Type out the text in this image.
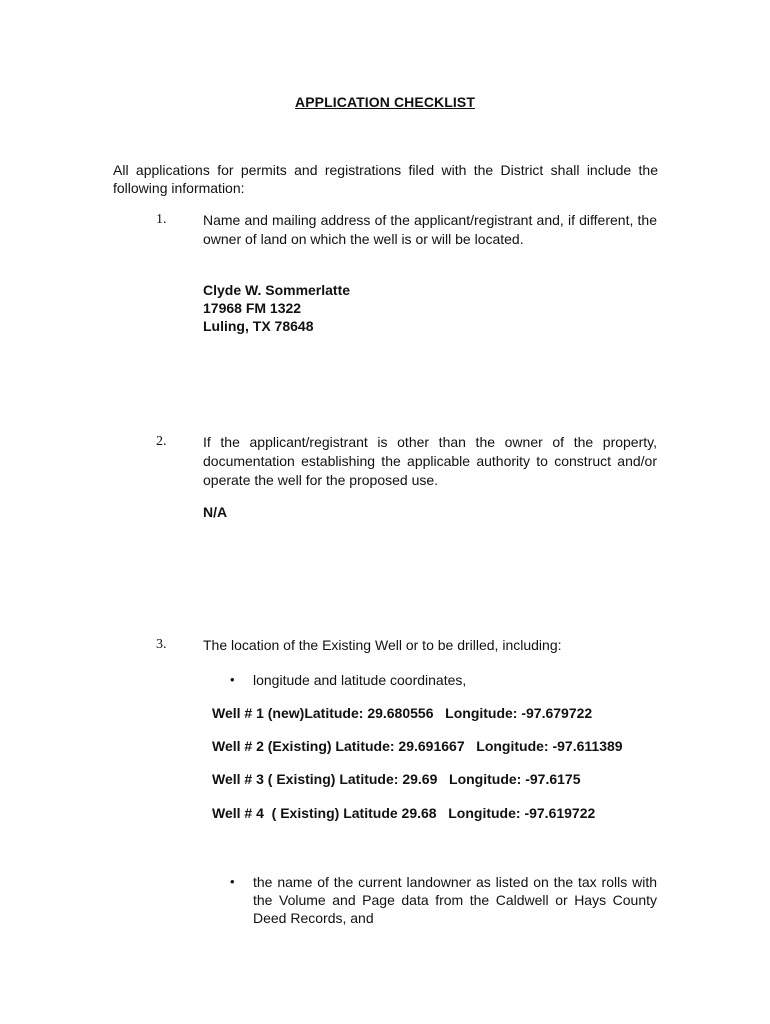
APPLICATION CHECKLIST
All applications for permits and registrations filed with the District shall include the following information:
1.	Name and mailing address of the applicant/registrant and, if different, the owner of land on which the well is or will be located.
Clyde W. Sommerlatte
17968 FM 1322
Luling, TX 78648
2.	If the applicant/registrant is other than the owner of the property, documentation establishing the applicable authority to construct and/or operate the well for the proposed use.
N/A
3.	The location of the Existing Well or to be drilled, including:
• longitude and latitude coordinates,
Well # 1 (new)Latitude: 29.680556   Longitude: -97.679722
Well # 2 (Existing) Latitude: 29.691667   Longitude: -97.611389
Well # 3 ( Existing) Latitude: 29.69   Longitude: -97.6175
Well # 4  ( Existing) Latitude 29.68   Longitude: -97.619722
• the name of the current landowner as listed on the tax rolls with the Volume and Page data from the Caldwell or Hays County Deed Records, and
